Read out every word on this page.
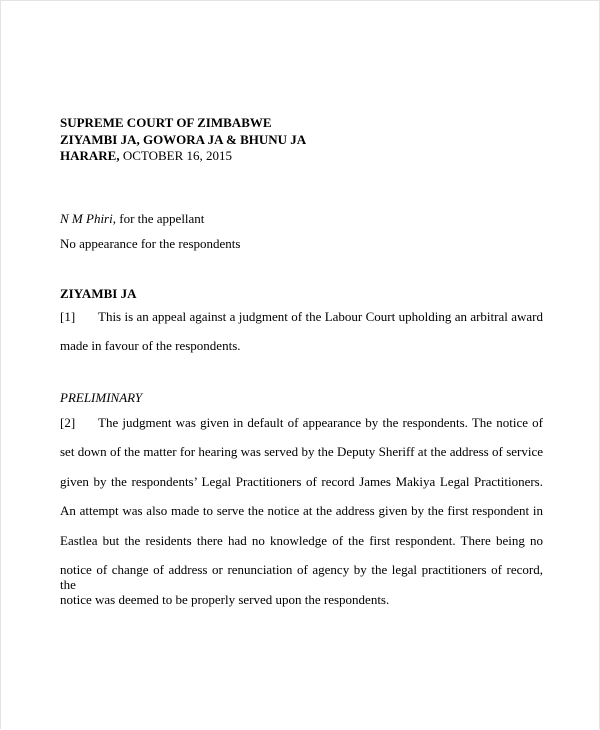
SUPREME COURT OF ZIMBABWE
ZIYAMBI JA, GOWORA JA & BHUNU JA
HARARE, OCTOBER 16, 2015
N M Phiri, for the appellant
No appearance for the respondents
ZIYAMBI JA
[1] This is an appeal against a judgment of the Labour Court upholding an arbitral award
made in favour of the respondents.
PRELIMINARY
[2] The judgment was given in default of appearance by the respondents. The notice of
set down of the matter for hearing was served by the Deputy Sheriff at the address of service
given by the respondents’ Legal Practitioners of record James Makiya Legal Practitioners.
An attempt was also made to serve the notice at the address given by the first respondent in
Eastlea but the residents there had no knowledge of the first respondent. There being no
notice of change of address or renunciation of agency by the legal practitioners of record, the
notice was deemed to be properly served upon the respondents.
